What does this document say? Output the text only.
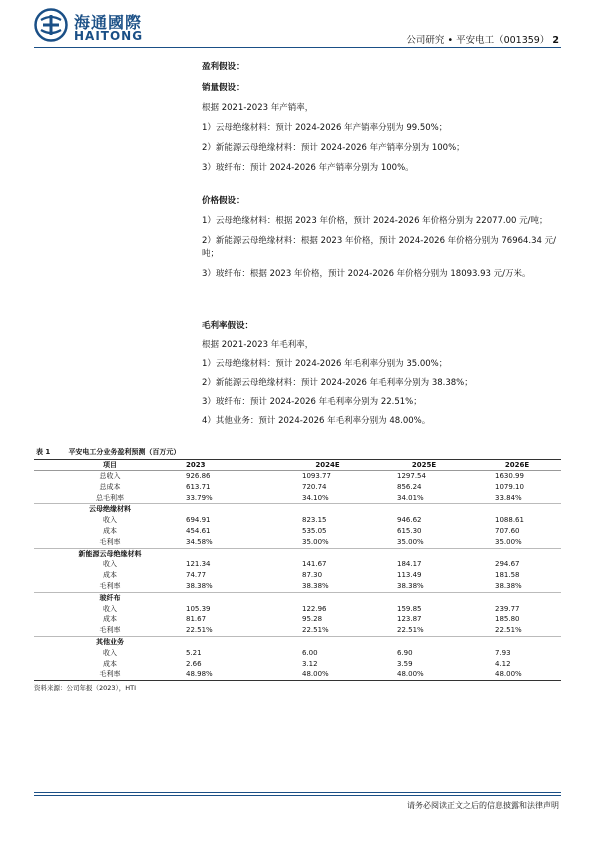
海通國際
HAITONG	公司研究 • 平安电工（001359） 2

盈利假设：

销量假设：

根据 2021-2023 年产销率，

1）云母绝缘材料：预计 2024-2026 年产销率分别为 99.50%；

2）新能源云母绝缘材料：预计 2024-2026 年产销率分别为 100%；

3）玻纤布：预计 2024-2026 年产销率分别为 100%。

价格假设：

1）云母绝缘材料：根据 2023 年价格，预计 2024-2026 年价格分别为 22077.00 元/吨；

2）新能源云母绝缘材料：根据 2023 年价格，预计 2024-2026 年价格分别为 76964.34 元/吨；

3）玻纤布：根据 2023 年价格，预计 2024-2026 年价格分别为 18093.93 元/万米。

毛利率假设：

根据 2021-2023 年毛利率，

1）云母绝缘材料：预计 2024-2026 年毛利率分别为 35.00%；

2）新能源云母绝缘材料：预计 2024-2026 年毛利率分别为 38.38%；

3）玻纤布：预计 2024-2026 年毛利率分别为 22.51%；

4）其他业务：预计 2024-2026 年毛利率分别为 48.00%。

表 1	平安电工分业务盈利预测（百万元）
项目	2023	2024E	2025E	2026E
总收入	926.86	1093.77	1297.54	1630.99
总成本	613.71	720.74	856.24	1079.10
总毛利率	33.79%	34.10%	34.01%	33.84%
云母绝缘材料				
收入	694.91	823.15	946.62	1088.61
成本	454.61	535.05	615.30	707.60
毛利率	34.58%	35.00%	35.00%	35.00%
新能源云母绝缘材料				
收入	121.34	141.67	184.17	294.67
成本	74.77	87.30	113.49	181.58
毛利率	38.38%	38.38%	38.38%	38.38%
玻纤布				
收入	105.39	122.96	159.85	239.77
成本	81.67	95.28	123.87	185.80
毛利率	22.51%	22.51%	22.51%	22.51%
其他业务				
收入	5.21	6.00	6.90	7.93
成本	2.66	3.12	3.59	4.12
毛利率	48.98%	48.00%	48.00%	48.00%
资料来源：公司年报（2023），HTI
请务必阅读正文之后的信息披露和法律声明
